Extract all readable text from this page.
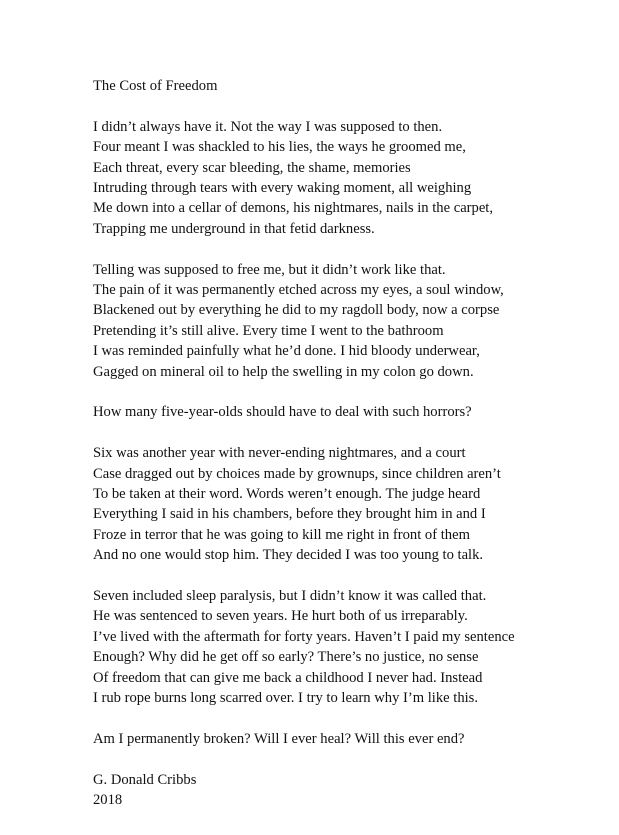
The Cost of Freedom
I didn’t always have it. Not the way I was supposed to then.
Four meant I was shackled to his lies, the ways he groomed me,
Each threat, every scar bleeding, the shame, memories
Intruding through tears with every waking moment, all weighing
Me down into a cellar of demons, his nightmares, nails in the carpet,
Trapping me underground in that fetid darkness.
Telling was supposed to free me, but it didn’t work like that.
The pain of it was permanently etched across my eyes, a soul window,
Blackened out by everything he did to my ragdoll body, now a corpse
Pretending it’s still alive. Every time I went to the bathroom
I was reminded painfully what he’d done. I hid bloody underwear,
Gagged on mineral oil to help the swelling in my colon go down.
How many five-year-olds should have to deal with such horrors?
Six was another year with never-ending nightmares, and a court
Case dragged out by choices made by grownups, since children aren’t
To be taken at their word. Words weren’t enough. The judge heard
Everything I said in his chambers, before they brought him in and I
Froze in terror that he was going to kill me right in front of them
And no one would stop him. They decided I was too young to talk.
Seven included sleep paralysis, but I didn’t know it was called that.
He was sentenced to seven years. He hurt both of us irreparably.
I’ve lived with the aftermath for forty years. Haven’t I paid my sentence
Enough? Why did he get off so early? There’s no justice, no sense
Of freedom that can give me back a childhood I never had. Instead
I rub rope burns long scarred over. I try to learn why I’m like this.
Am I permanently broken? Will I ever heal? Will this ever end?
G. Donald Cribbs
2018
